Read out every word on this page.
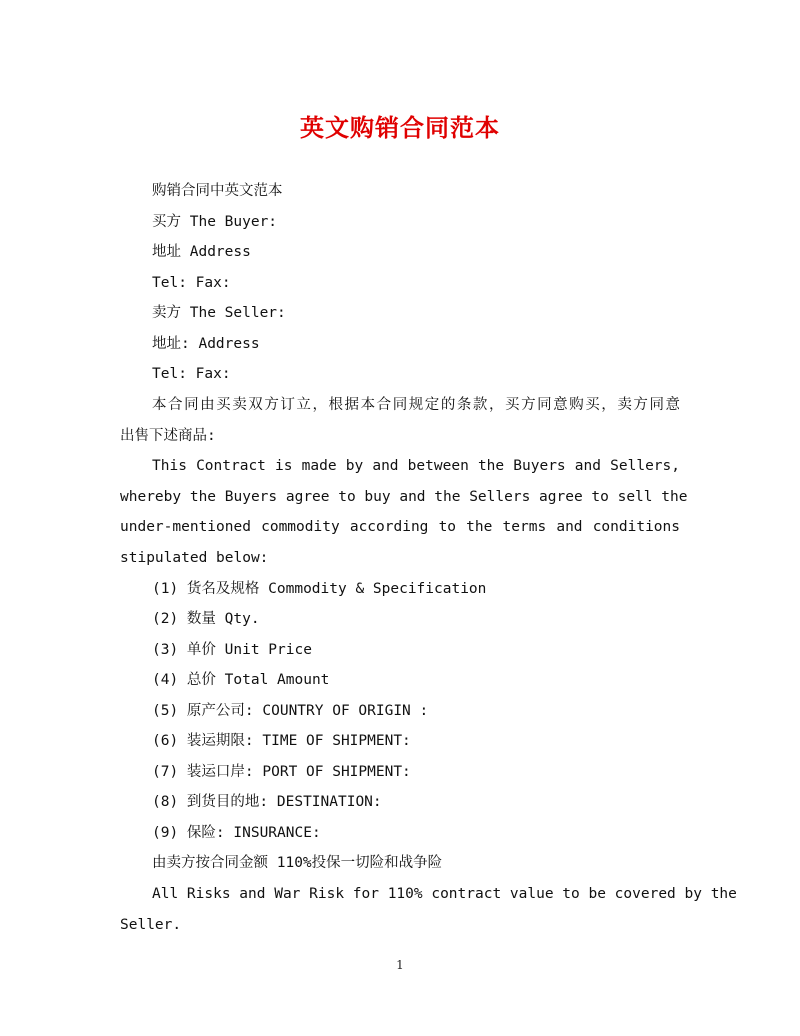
英文购销合同范本
购销合同中英文范本
买方 The Buyer:
地址 Address
Tel: Fax:
卖方 The Seller:
地址: Address
Tel: Fax:
本合同由买卖双方订立，根据本合同规定的条款，买方同意购买，卖方同意
出售下述商品:
This Contract is made by and between the Buyers and Sellers,
whereby the Buyers agree to buy and the Sellers agree to sell the
under-mentioned commodity according to the terms and conditions
stipulated below:
(1) 货名及规格 Commodity & Specification
(2) 数量 Qty.
(3) 单价 Unit Price
(4) 总价 Total Amount
(5) 原产公司: COUNTRY OF ORIGIN :
(6) 装运期限: TIME OF SHIPMENT:
(7) 装运口岸: PORT OF SHIPMENT:
(8) 到货目的地: DESTINATION:
(9) 保险: INSURANCE:
由卖方按合同金额 110%投保一切险和战争险
All Risks and War Risk for 110% contract value to be covered by the
Seller.
1
